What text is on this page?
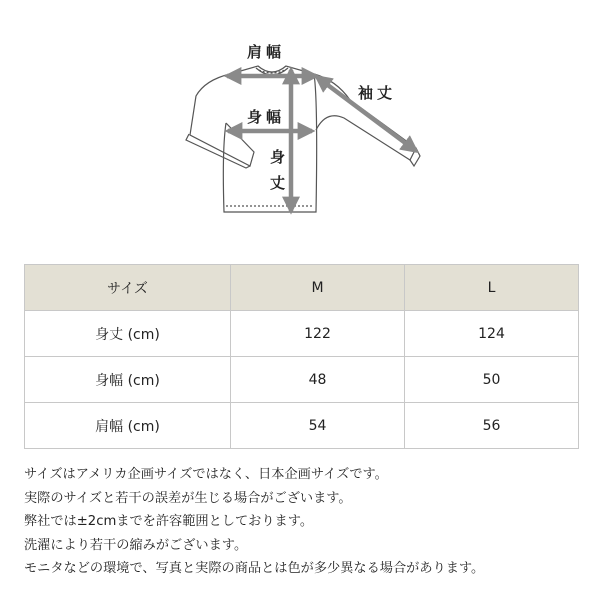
肩幅
身幅
身
丈
袖丈
サイズ	M	L
身丈 (cm)	122	124
身幅 (cm)	48	50
肩幅 (cm)	54	56

サイズはアメリカ企画サイズではなく、日本企画サイズです。

実際のサイズと若干の誤差が生じる場合がございます。

弊社では±2cmまでを許容範囲としております。

洗濯により若干の縮みがございます。

モニタなどの環境で、写真と実際の商品とは色が多少異なる場合があります。
